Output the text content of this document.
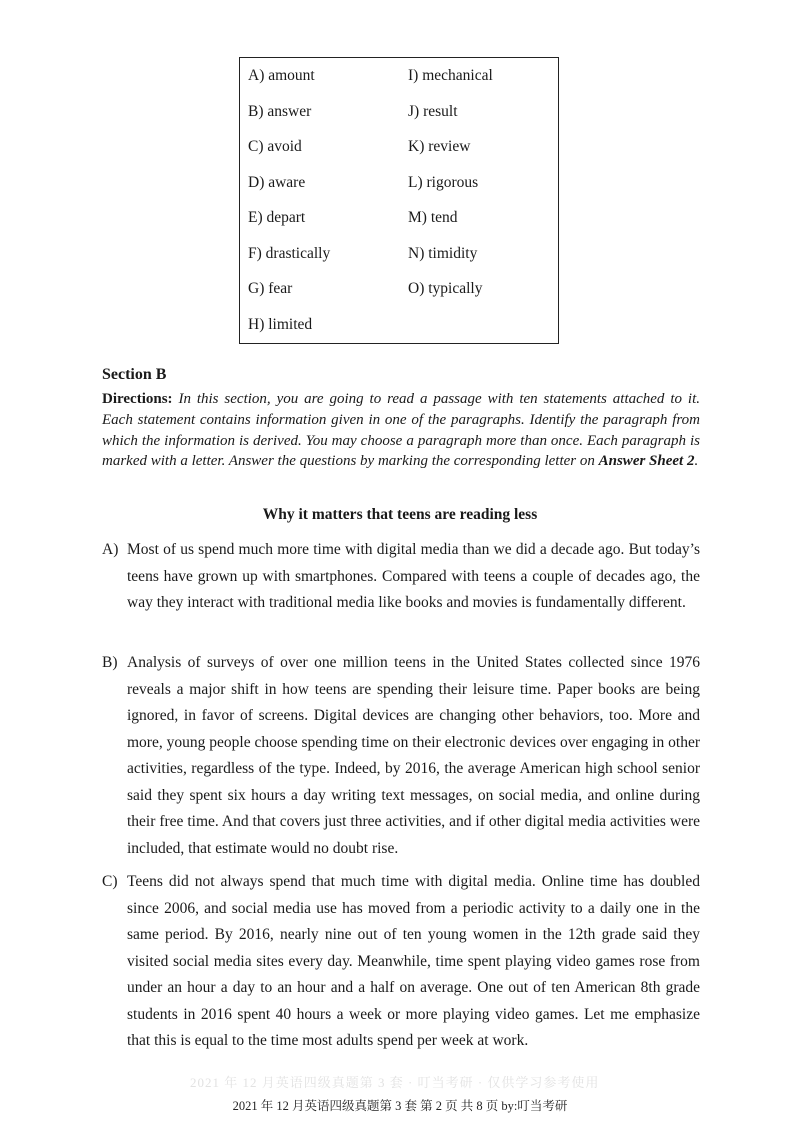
A) amount
B) answer
C) avoid
D) aware
E) depart
F) drastically
G) fear
H) limited
I) mechanical
J) result
K) review
L) rigorous
M) tend
N) timidity
O) typically
Section B

Directions: In this section, you are going to read a passage with ten statements attached to it. Each statement contains information given in one of the paragraphs. Identify the paragraph from which the information is derived. You may choose a paragraph more than once. Each paragraph is marked with a letter. Answer the questions by marking the corresponding letter on Answer Sheet 2.

Why it matters that teens are reading less
A) Most of us spend much more time with digital media than we did a decade ago. But today’s teens have grown up with smartphones. Compared with teens a couple of decades ago, the way they interact with traditional media like books and movies is fundamentally different.

B) Analysis of surveys of over one million teens in the United States collected since 1976 reveals a major shift in how teens are spending their leisure time. Paper books are being ignored, in favor of screens. Digital devices are changing other behaviors, too. More and more, young people choose spending time on their electronic devices over engaging in other activities, regardless of the type. Indeed, by 2016, the average American high school senior said they spent six hours a day writing text messages, on social media, and online during their free time. And that covers just three activities, and if other digital media activities were included, that estimate would no doubt rise.

C) Teens did not always spend that much time with digital media. Online time has doubled since 2006, and social media use has moved from a periodic activity to a daily one in the same period. By 2016, nearly nine out of ten young women in the 12th grade said they visited social media sites every day. Meanwhile, time spent playing video games rose from under an hour a day to an hour and a half on average. One out of ten American 8th grade students in 2016 spent 40 hours a week or more playing video games. Let me emphasize that this is equal to the time most adults spend per week at work.

2021 年 12 月英语四级真题第 3 套 · 叮当考研 · 仅供学习参考使用

2021 年 12 月英语四级真题第 3 套 第 2 页 共 8 页 by:叮当考研
